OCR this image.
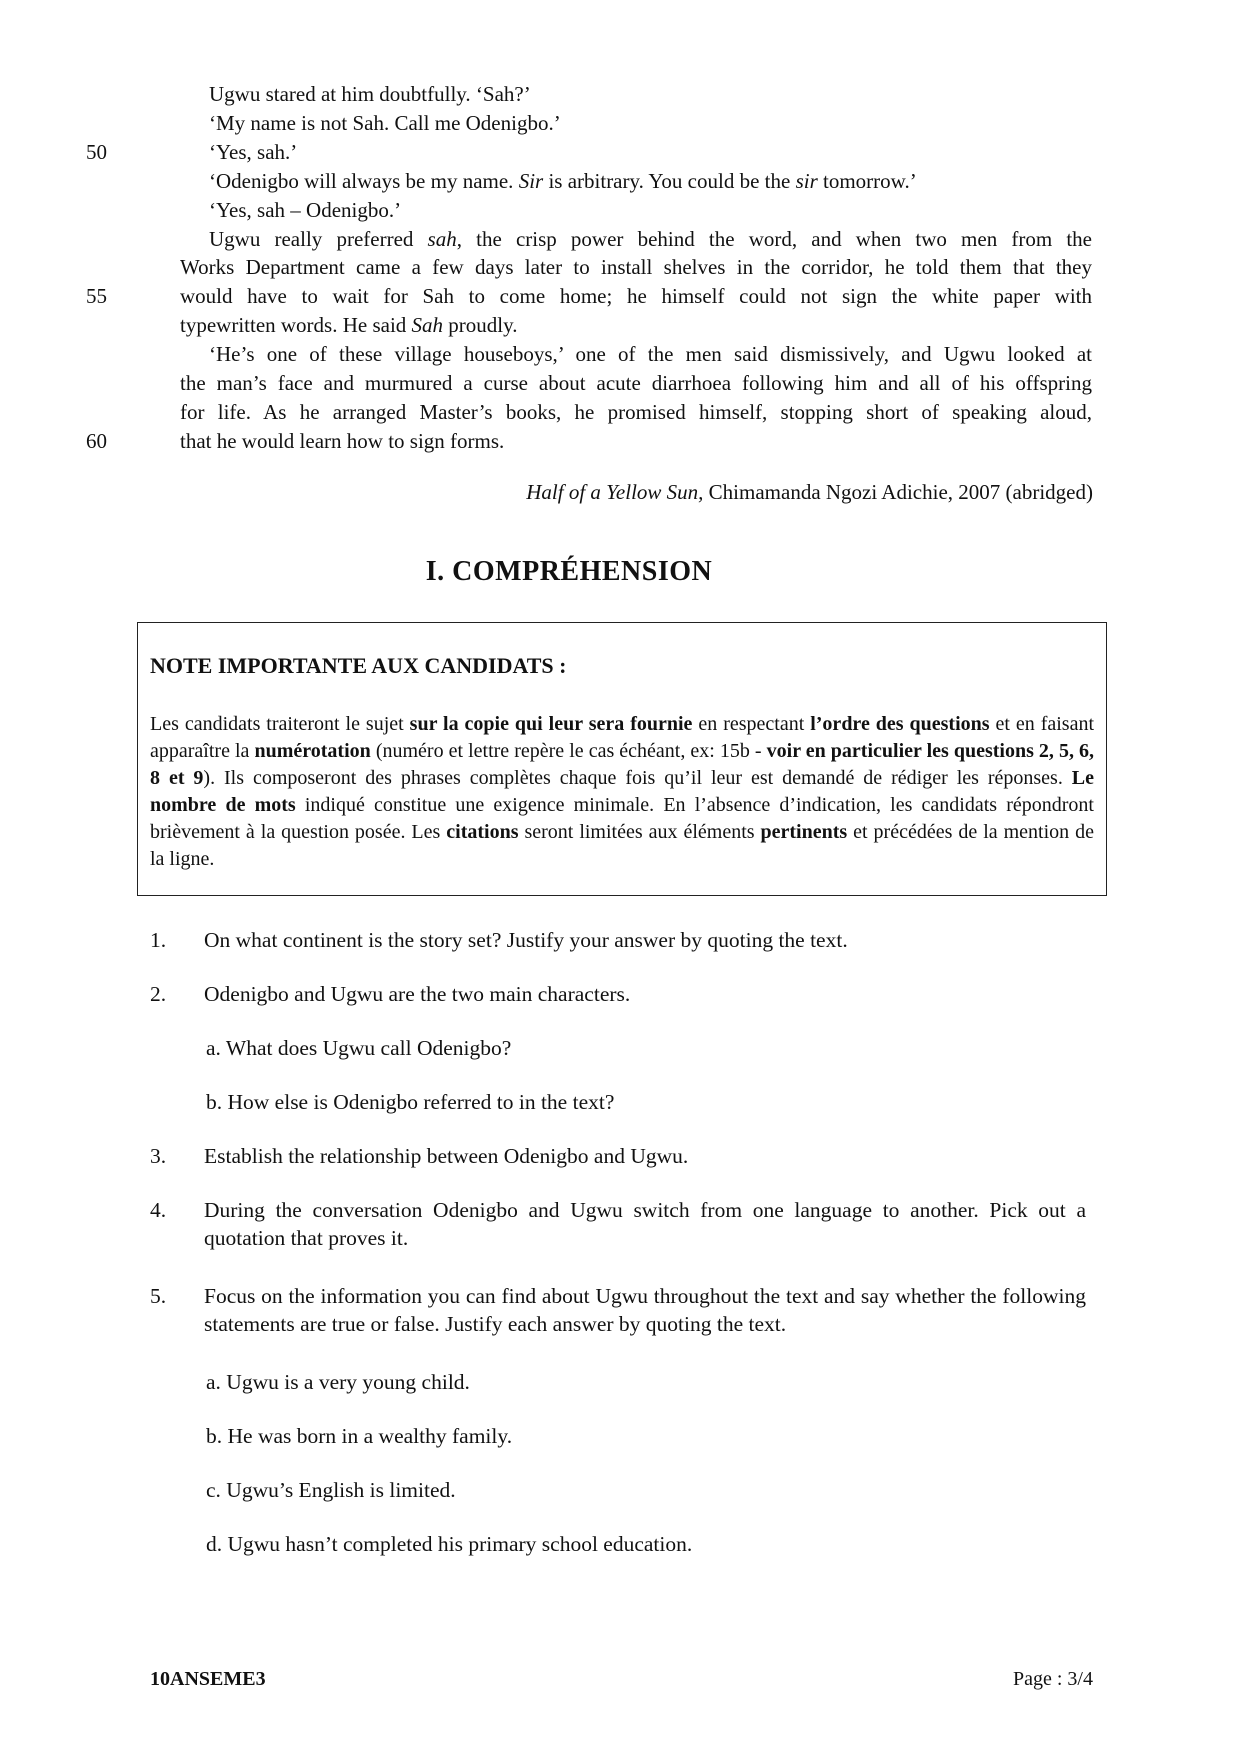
Ugwu stared at him doubtfully. ‘Sah?’
‘My name is not Sah. Call me Odenigbo.’
50	‘Yes, sah.’
‘Odenigbo will always be my name. Sir is arbitrary. You could be the sir tomorrow.’
‘Yes, sah – Odenigbo.’
Ugwu really preferred sah, the crisp power behind the word, and when two men from the
Works Department came a few days later to install shelves in the corridor, he told them that they
55	would have to wait for Sah to come home; he himself could not sign the white paper with
typewritten words. He said Sah proudly.
‘He’s one of these village houseboys,’ one of the men said dismissively, and Ugwu looked at
the man’s face and murmured a curse about acute diarrhoea following him and all of his offspring
for life. As he arranged Master’s books, he promised himself, stopping short of speaking aloud,
60	that he would learn how to sign forms.
Half of a Yellow Sun, Chimamanda Ngozi Adichie, 2007 (abridged)
I. COMPRÉHENSION
NOTE IMPORTANTE AUX CANDIDATS :
Les candidats traiteront le sujet sur la copie qui leur sera fournie en respectant l’ordre des questions et en faisant apparaître la numérotation (numéro et lettre repère le cas échéant, ex: 15b - voir en particulier les questions 2, 5, 6, 8 et 9). Ils composeront des phrases complètes chaque fois qu’il leur est demandé de rédiger les réponses. Le nombre de mots indiqué constitue une exigence minimale. En l’absence d’indication, les candidats répondront brièvement à la question posée. Les citations seront limitées aux éléments pertinents et précédées de la mention de la ligne.
1. On what continent is the story set? Justify your answer by quoting the text.
2. Odenigbo and Ugwu are the two main characters.
a. What does Ugwu call Odenigbo?
b. How else is Odenigbo referred to in the text?
3. Establish the relationship between Odenigbo and Ugwu.
4. During the conversation Odenigbo and Ugwu switch from one language to another. Pick out a quotation that proves it.
5. Focus on the information you can find about Ugwu throughout the text and say whether the following statements are true or false. Justify each answer by quoting the text.
a. Ugwu is a very young child.
b. He was born in a wealthy family.
c. Ugwu’s English is limited.
d. Ugwu hasn’t completed his primary school education.
10ANSEME3	Page : 3/4
